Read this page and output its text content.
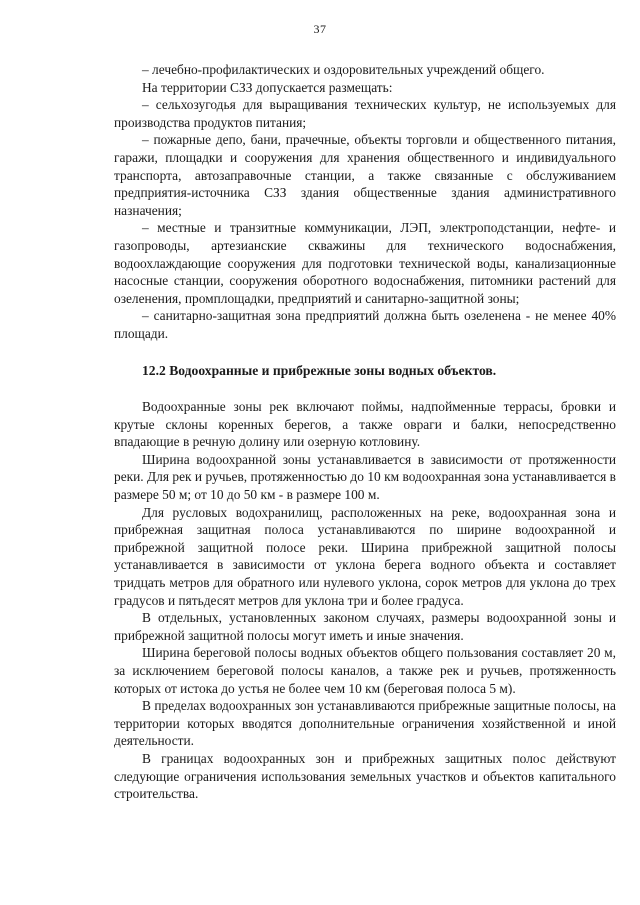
37

– лечебно-профилактических и оздоровительных учреждений общего.

На территории СЗЗ допускается размещать:

– сельхозугодья для выращивания технических культур, не используемых для производства продуктов питания;

– пожарные депо, бани, прачечные, объекты торговли и общественного питания, гаражи, площадки и сооружения для хранения общественного и индивидуального транспорта, автозаправочные станции, а также связанные с обслуживанием предприятия-источника СЗЗ здания общественные здания административного назначения;

– местные и транзитные коммуникации, ЛЭП, электроподстанции, нефте- и газопроводы, артезианские скважины для технического водоснабжения, водоохлаждающие сооружения для подготовки технической воды, канализационные насосные станции, сооружения оборотного водоснабжения, питомники растений для озеленения, промплощадки, предприятий и санитарно-защитной зоны;

– санитарно-защитная зона предприятий должна быть озеленена - не менее 40% площади.

12.2 Водоохранные и прибрежные зоны водных объектов.

Водоохранные зоны рек включают поймы, надпойменные террасы, бровки и крутые склоны коренных берегов, а также овраги и балки, непосредственно впадающие в речную долину или озерную котловину.

Ширина водоохранной зоны устанавливается в зависимости от протяженности реки. Для рек и ручьев, протяженностью до 10 км водоохранная зона устанавливается в размере 50 м; от 10 до 50 км - в размере 100 м.

Для русловых водохранилищ, расположенных на реке, водоохранная зона и прибрежная защитная полоса устанавливаются по ширине водоохранной и прибрежной защитной полосе реки. Ширина прибрежной защитной полосы устанавливается в зависимости от уклона берега водного объекта и составляет тридцать метров для обратного или нулевого уклона, сорок метров для уклона до трех градусов и пятьдесят метров для уклона три и более градуса.

В отдельных, установленных законом случаях, размеры водоохранной зоны и прибрежной защитной полосы могут иметь и иные значения.

Ширина береговой полосы водных объектов общего пользования составляет 20 м, за исключением береговой полосы каналов, а также рек и ручьев, протяженность которых от истока до устья не более чем 10 км (береговая полоса 5 м).

В пределах водоохранных зон устанавливаются прибрежные защитные полосы, на территории которых вводятся дополнительные ограничения хозяйственной и иной деятельности.

В границах водоохранных зон и прибрежных защитных полос действуют следующие ограничения использования земельных участков и объектов капитального строительства.
